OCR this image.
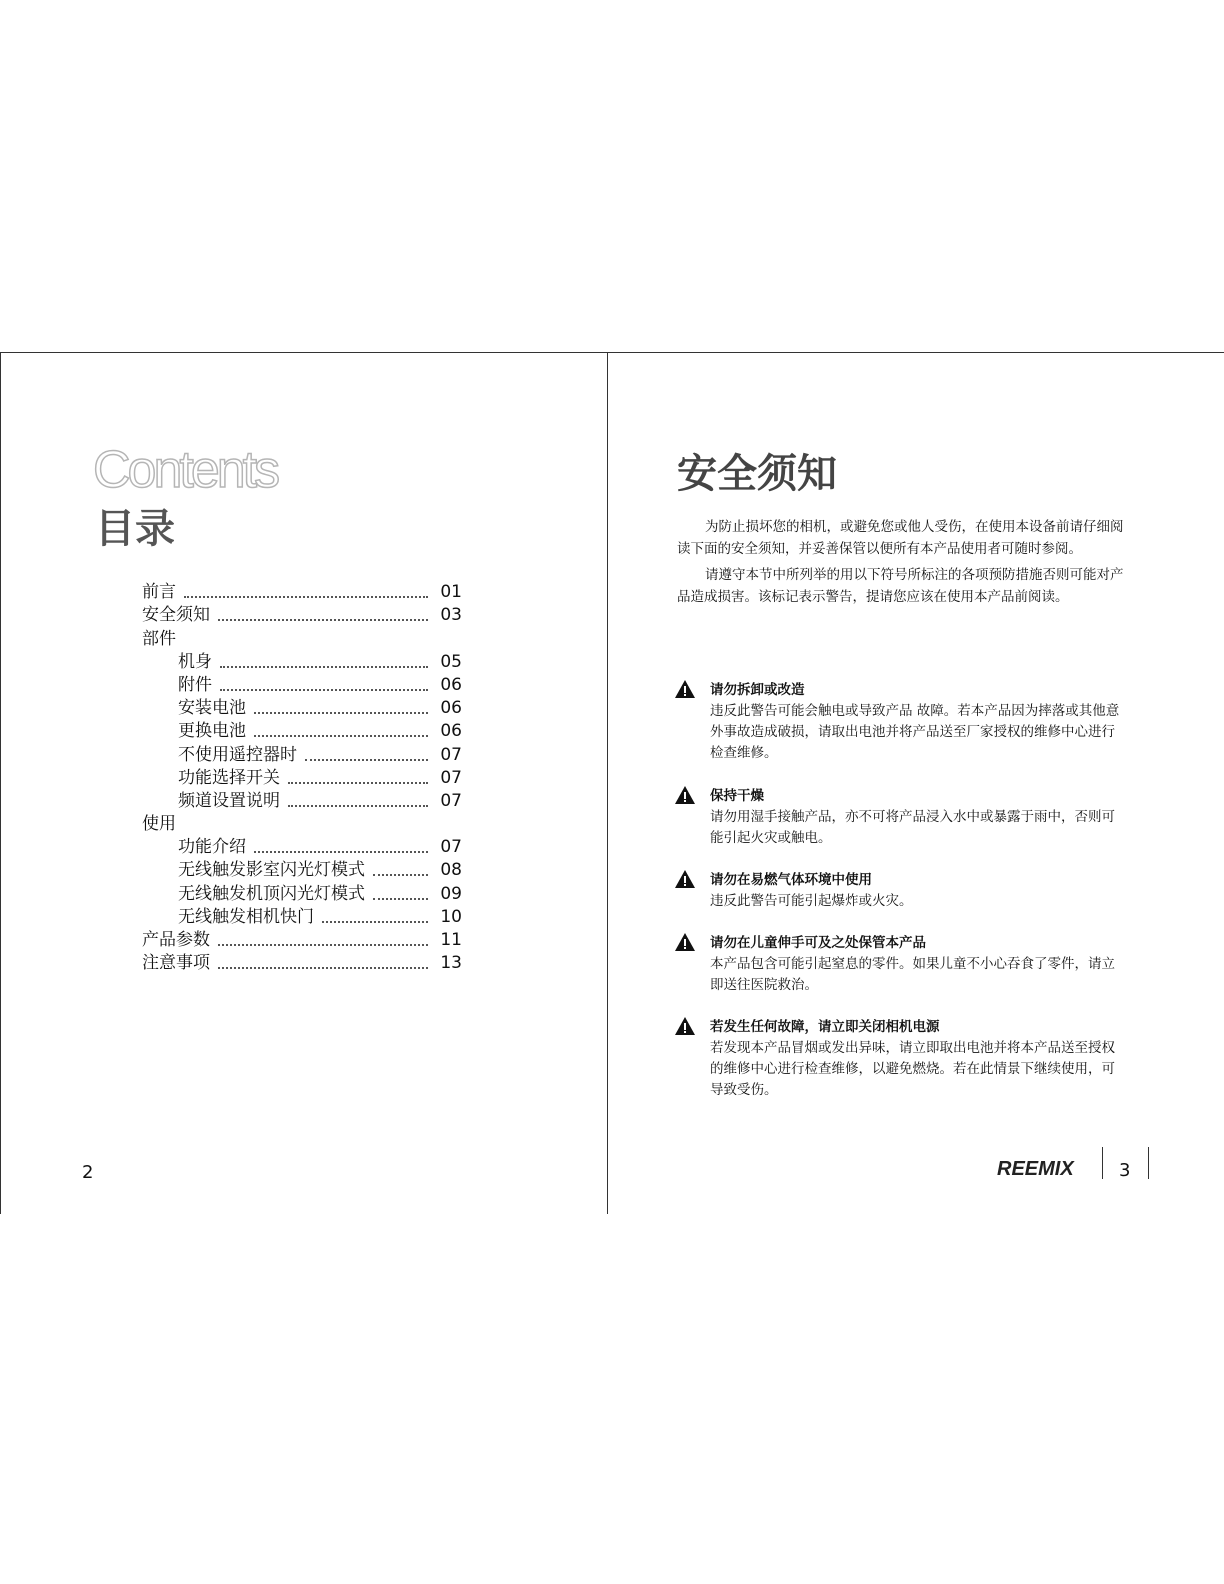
Contents
目录
前言	01
安全须知	03
部件
机身	05
附件	06
安装电池	06
更换电池	06
不使用遥控器时	07
功能选择开关	07
频道设置说明	07
使用
功能介绍	07
无线触发影室闪光灯模式	08
无线触发机顶闪光灯模式	09
无线触发相机快门	10
产品参数	11
注意事项	13
2
安全须知

为防止损坏您的相机，或避免您或他人受伤，在使用本设备前请仔细阅读下面的安全须知，并妥善保管以便所有本产品使用者可随时参阅。

请遵守本节中所列举的用以下符号所标注的各项预防措施否则可能对产品造成损害。该标记表示警告，提请您应该在使用本产品前阅读。

请勿拆卸或改造
违反此警告可能会触电或导致产品 故障。若本产品因为摔落或其他意外事故造成破损，请取出电池并将产品送至厂家授权的维修中心进行检查维修。
保持干燥
请勿用湿手接触产品，亦不可将产品浸入水中或暴露于雨中，否则可能引起火灾或触电。
请勿在易燃气体环境中使用
违反此警告可能引起爆炸或火灾。
请勿在儿童伸手可及之处保管本产品
本产品包含可能引起窒息的零件。如果儿童不小心吞食了零件，请立即送往医院救治。
若发生任何故障，请立即关闭相机电源
若发现本产品冒烟或发出异味，请立即取出电池并将本产品送至授权的维修中心进行检查维修，以避免燃烧。若在此情景下继续使用，可导致受伤。
REEMIX	3
